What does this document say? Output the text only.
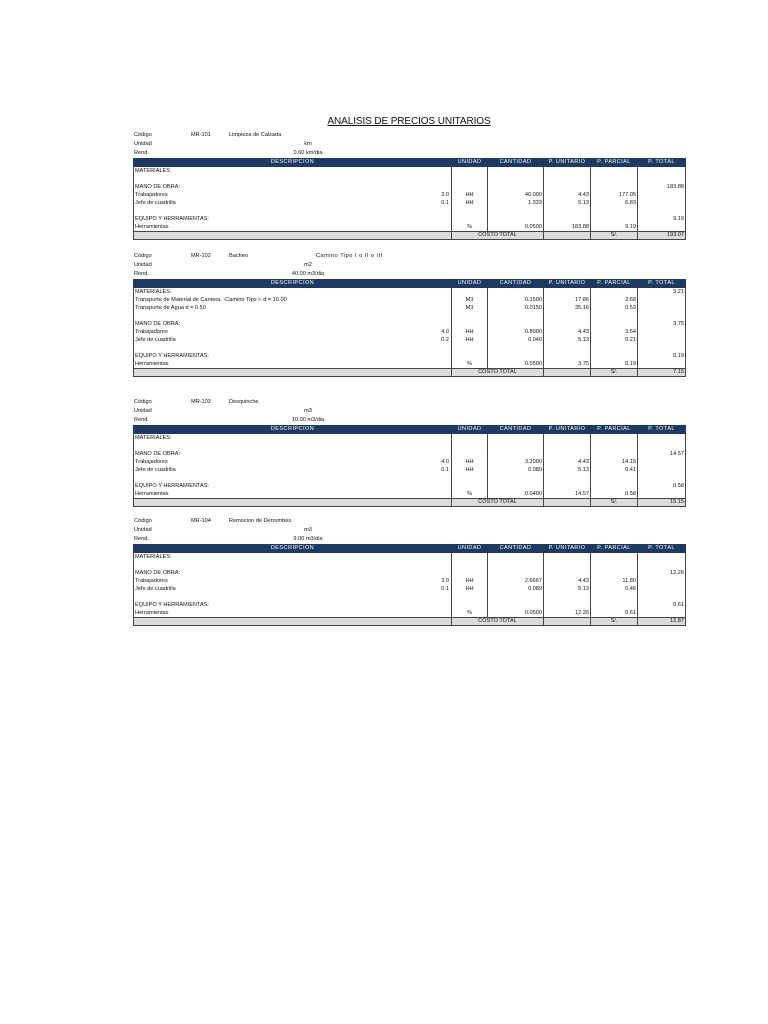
ANALISIS DE PRECIOS UNITARIOS
Código	MR-101	Limpieza de Calzada
Unidad	km
Rend.	0.60 km/dia
DESCRIPCION	UNIDAD	CANTIDAD	P. UNITARIO	P. PARCIAL	P. TOTAL
MATERIALES:

MANO DE OBRA:					183.88
Trabajadores 3.0	HH	40.000	4.43	177.05	
Jefe de cuadrilla 0.1	HH	1.333	5.13	6.83	

EQUIPO Y HERRAMIENTAS:					9.19
Herramientas	%	0.0500	183.88	9.19	
	COSTO TOTAL			S/.	193.07
Código	MR-102	Bacheo	Camino Tipo I o II o III
Unidad	m2
Rend.	40.00 m3/dia
DESCRIPCION	UNIDAD	CANTIDAD	P. UNITARIO	P. PARCIAL	P. TOTAL
MATERIALES:					3.21
Transporte de Material de Cantera. -Camino Tipo I- d = 10.00	M3	0.1500	17.86	2.68	
Transporte de Agua d = 0.50	M3	0.0150	35.16	0.53	

MANO DE OBRA:					3.75
Trabajadores 4.0	HH	0.8000	4.43	3.54	
Jefe de cuadrilla 0.2	HH	0.040	5.13	0.21	

EQUIPO Y HERRAMIENTAS:					0.19
Herramientas	%	0.0500	3.75	0.19	
	COSTO TOTAL			S/.	7.15
Código	MR-103	Desquinche
Unidad	m3
Rend.	10.00 m3/dia
DESCRIPCION	UNIDAD	CANTIDAD	P. UNITARIO	P. PARCIAL	P. TOTAL
MATERIALES:

MANO DE OBRA:					14.57
Trabajadores 4.0	HH	3.2000	4.43	14.16	
Jefe de cuadrilla 0.1	HH	0.080	5.13	0.41	

EQUIPO Y HERRAMIENTAS:					0.58
Herramientas	%	0.0400	14.57	0.58	
	COSTO TOTAL			S/.	15.15
Código	MR-104	Remocion de Derrumbes
Unidad	m3
Rend.	9.00 m3/dia
DESCRIPCION	UNIDAD	CANTIDAD	P. UNITARIO	P. PARCIAL	P. TOTAL
MATERIALES:

MANO DE OBRA:					12.26
Trabajadores 3.0	HH	2.6667	4.43	11.80	
Jefe de cuadrilla 0.1	HH	0.089	5.13	0.46	

EQUIPO Y HERRAMIENTAS:					0.61
Herramientas	%	0.0500	12.26	0.61	
	COSTO TOTAL			S/.	12.87
